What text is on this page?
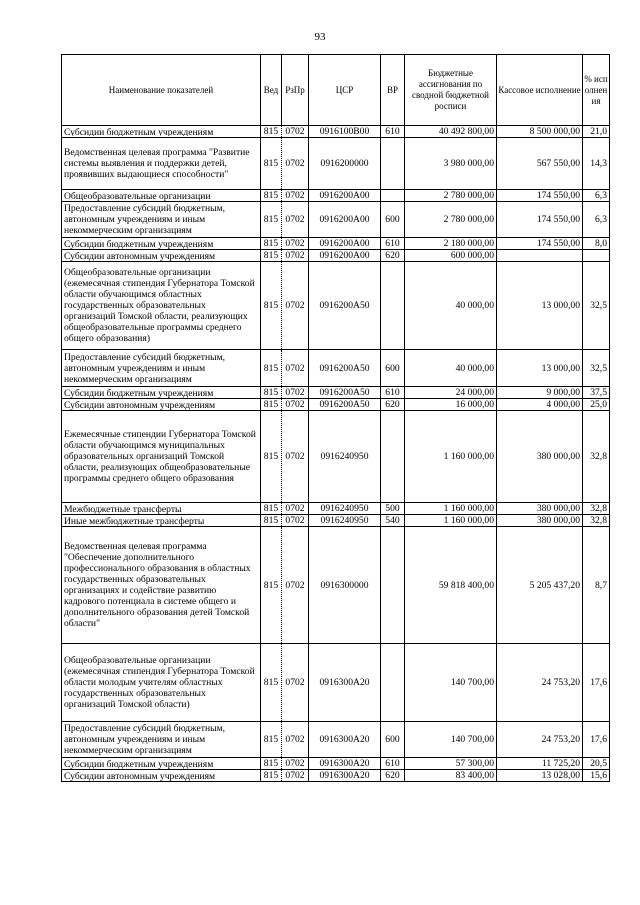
93
Наименование показателей	Вед	РзПр	ЦСР	ВР	Бюджетные ассигнования по сводной бюджетной росписи	Кассовое исполнение	% исполнения

Субсидии бюджетным учреждениям	815	0702	0916100В00	610	40 492 800,00	8 500 000,00	21,0

Ведомственная целевая программа "Развитие системы выявления и поддержки детей, проявивших выдающиеся способности"	815	0702	0916200000		3 980 000,00	567 550,00	14,3

Общеобразовательные организации	815	0702	0916200А00		2 780 000,00	174 550,00	6,3

Предоставление субсидий бюджетным, автономным учреждениям и иным некоммерческим организациям	815	0702	0916200А00	600	2 780 000,00	174 550,00	6,3

Субсидии бюджетным учреждениям	815	0702	0916200А00	610	2 180 000,00	174 550,00	8,0

Субсидии автономным учреждениям	815	0702	0916200А00	620	600 000,00		

Общеобразовательные организации (ежемесячная стипендия Губернатора Томской области обучающимся областных государственных образовательных организаций Томской области, реализующих общеобразовательные программы среднего общего образования)	815	0702	0916200А50		40 000,00	13 000,00	32,5

Предоставление субсидий бюджетным, автономным учреждениям и иным некоммерческим организациям	815	0702	0916200А50	600	40 000,00	13 000,00	32,5

Субсидии бюджетным учреждениям	815	0702	0916200А50	610	24 000,00	9 000,00	37,5

Субсидии автономным учреждениям	815	0702	0916200А50	620	16 000,00	4 000,00	25,0

Ежемесячные стипендии Губернатора Томской области обучающимся муниципальных образовательных организаций Томской области, реализующих общеобразовательные программы среднего общего образования	815	0702	0916240950		1 160 000,00	380 000,00	32,8

Межбюджетные трансферты	815	0702	0916240950	500	1 160 000,00	380 000,00	32,8

Иные межбюджетные трансферты	815	0702	0916240950	540	1 160 000,00	380 000,00	32,8

Ведомственная целевая программа "Обеспечение дополнительного профессионального образования в областных государственных образовательных организациях и содействие развитию кадрового потенциала в системе общего и дополнительного образования детей Томской области"	815	0702	0916300000		59 818 400,00	5 205 437,20	8,7

Общеобразовательные организации (ежемесячная стипендия Губернатора Томской области молодым учителям областных государственных образовательных организаций Томской области)	815	0702	0916300А20		140 700,00	24 753,20	17,6

Предоставление субсидий бюджетным, автономным учреждениям и иным некоммерческим организациям	815	0702	0916300А20	600	140 700,00	24 753,20	17,6

Субсидии бюджетным учреждениям	815	0702	0916300А20	610	57 300,00	11 725,20	20,5

Субсидии автономным учреждениям	815	0702	0916300А20	620	83 400,00	13 028,00	15,6
